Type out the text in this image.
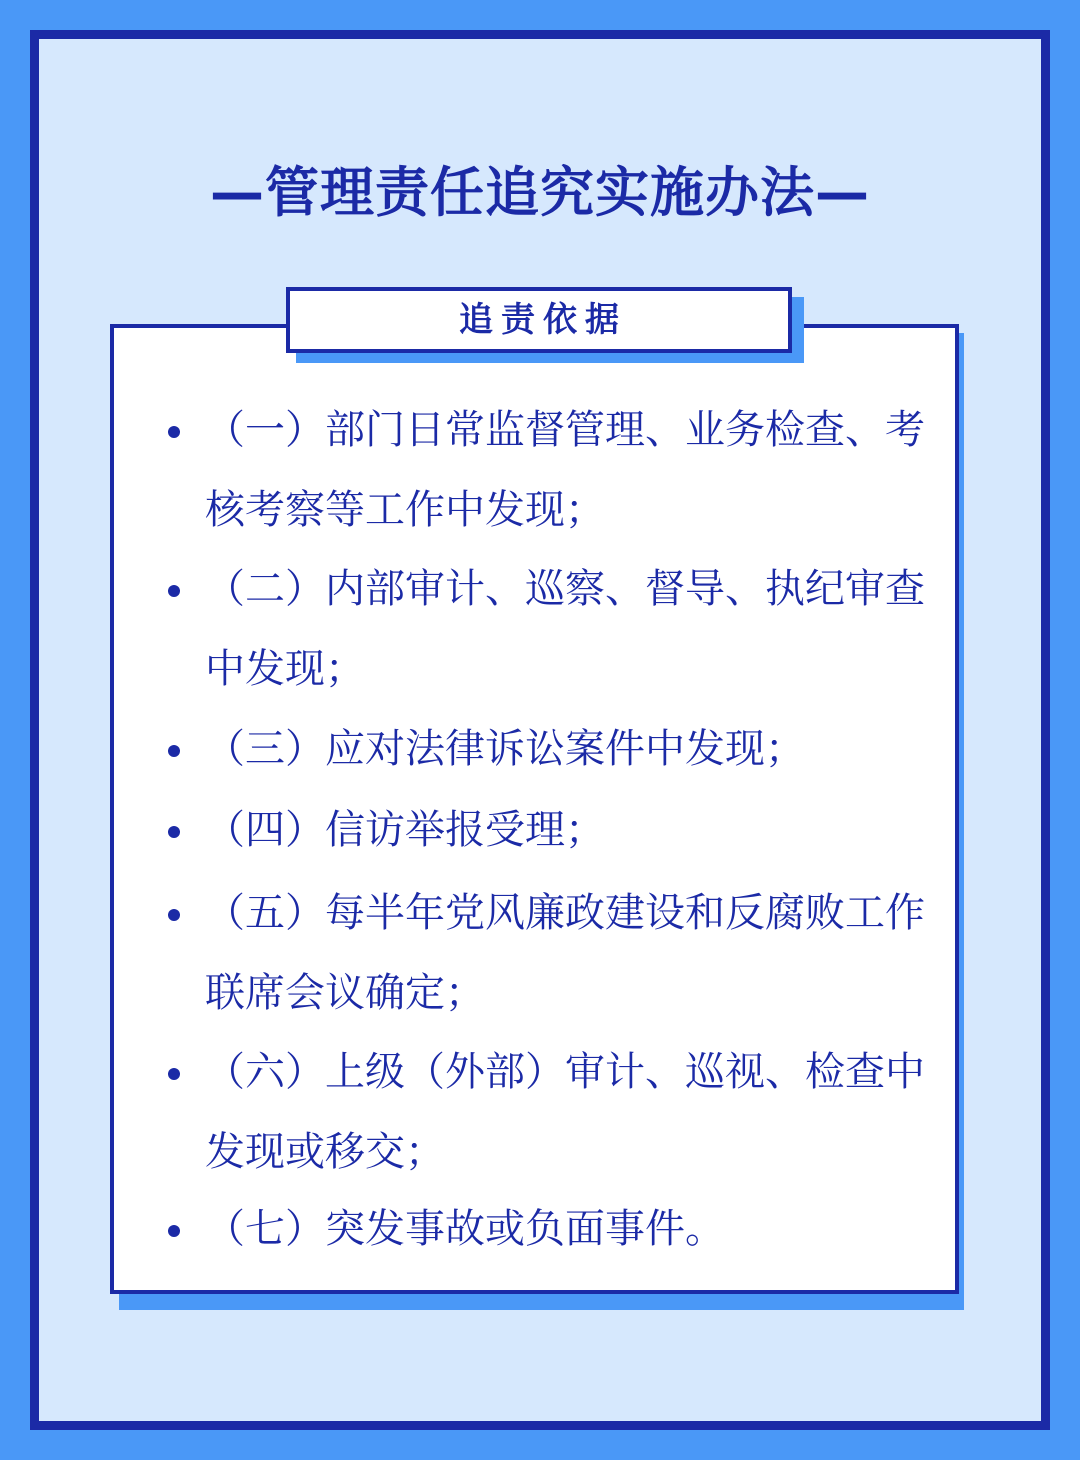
—管理责任追究实施办法—
追责依据
（一）部门日常监督管理、业务检查、考核考察等工作中发现；
（二）内部审计、巡察、督导、执纪审查中发现；
（三）应对法律诉讼案件中发现；
（四）信访举报受理；
（五）每半年党风廉政建设和反腐败工作联席会议确定；
（六）上级（外部）审计、巡视、检查中发现或移交；
（七）突发事故或负面事件。
